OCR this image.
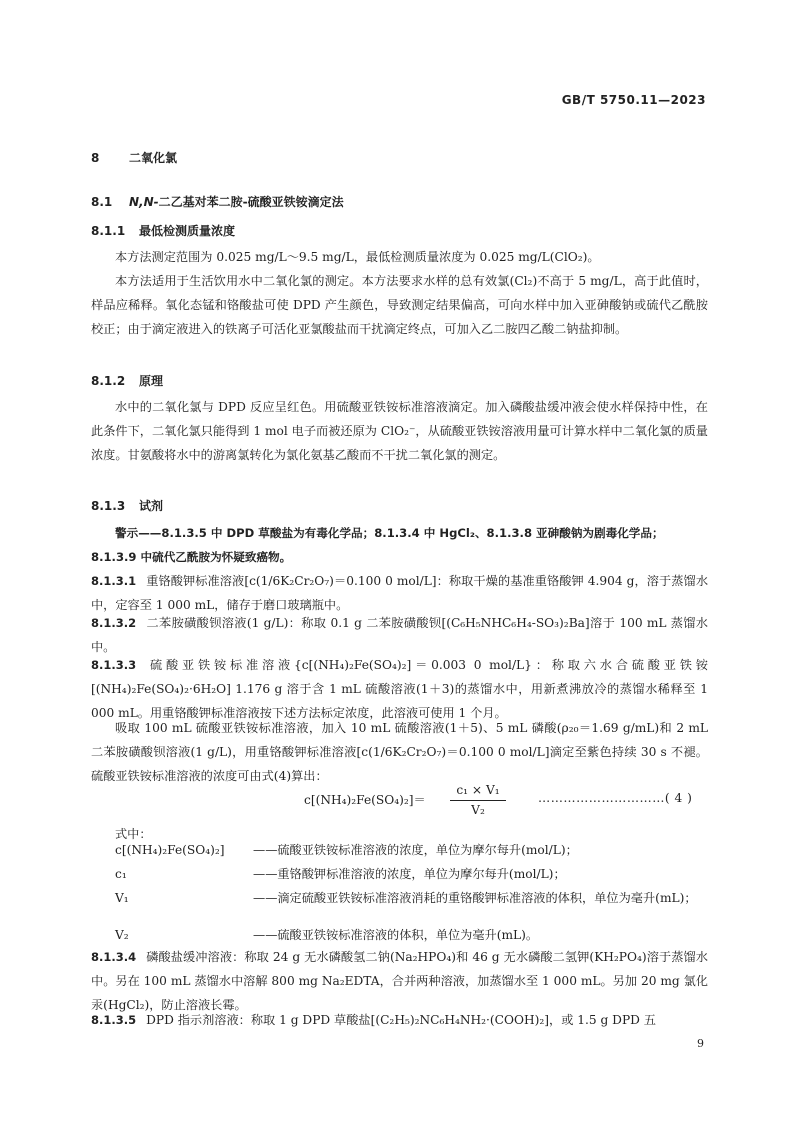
GB/T 5750.11—2023
8 二氧化氯
8.1 N,N-二乙基对苯二胺-硫酸亚铁铵滴定法
8.1.1 最低检测质量浓度
本方法测定范围为 0.025 mg/L～9.5 mg/L，最低检测质量浓度为 0.025 mg/L(ClO₂)。
本方法适用于生活饮用水中二氧化氯的测定。本方法要求水样的总有效氯(Cl₂)不高于 5 mg/L，高于此值时，样品应稀释。氧化态锰和铬酸盐可使 DPD 产生颜色，导致测定结果偏高，可向水样中加入亚砷酸钠或硫代乙酰胺校正；由于滴定液进入的铁离子可活化亚氯酸盐而干扰滴定终点，可加入乙二胺四乙酸二钠盐抑制。
8.1.2 原理
水中的二氧化氯与 DPD 反应呈红色。用硫酸亚铁铵标准溶液滴定。加入磷酸盐缓冲液会使水样保持中性，在此条件下，二氧化氯只能得到 1 mol 电子而被还原为 ClO₂⁻，从硫酸亚铁铵溶液用量可计算水样中二氧化氯的质量浓度。甘氨酸将水中的游离氯转化为氯化氨基乙酸而不干扰二氧化氯的测定。
8.1.3 试剂
警示——8.1.3.5 中 DPD 草酸盐为有毒化学品；8.1.3.4 中 HgCl₂、8.1.3.8 亚砷酸钠为剧毒化学品；8.1.3.9 中硫代乙酰胺为怀疑致癌物。
8.1.3.1 重铬酸钾标准溶液[c(1/6K₂Cr₂O₇)＝0.100 0 mol/L]：称取干燥的基准重铬酸钾 4.904 g，溶于蒸馏水中，定容至 1 000 mL，储存于磨口玻璃瓶中。
8.1.3.2 二苯胺磺酸钡溶液(1 g/L)：称取 0.1 g 二苯胺磺酸钡[(C₆H₅NHC₆H₄-SO₃)₂Ba]溶于 100 mL 蒸馏水中。
8.1.3.3 硫酸亚铁铵标准溶液{c[(NH₄)₂Fe(SO₄)₂]＝0.003 0 mol/L}：称取六水合硫酸亚铁铵[(NH₄)₂Fe(SO₄)₂·6H₂O] 1.176 g 溶于含 1 mL 硫酸溶液(1＋3)的蒸馏水中，用新煮沸放冷的蒸馏水稀释至 1 000 mL。用重铬酸钾标准溶液按下述方法标定浓度，此溶液可使用 1 个月。
吸取 100 mL 硫酸亚铁铵标准溶液，加入 10 mL 硫酸溶液(1＋5)、5 mL 磷酸(ρ₂₀＝1.69 g/mL)和 2 mL 二苯胺磺酸钡溶液(1 g/L)，用重铬酸钾标准溶液[c(1/6K₂Cr₂O₇)＝0.100 0 mol/L]滴定至紫色持续 30 s 不褪。硫酸亚铁铵标准溶液的浓度可由式(4)算出：
$c[(NH_4)_2Fe(SO_4)_2]= \frac{\text{c₁ × V₁}}{\text{V₂}}$	…………………………( 4 )
式中：
c[(NH₄)₂Fe(SO₄)₂] ——硫酸亚铁铵标准溶液的浓度，单位为摩尔每升(mol/L)；
c₁	——重铬酸钾标准溶液的浓度，单位为摩尔每升(mol/L)；
V₁	——滴定硫酸亚铁铵标准溶液消耗的重铬酸钾标准溶液的体积，单位为毫升(mL)；
V₂	——硫酸亚铁铵标准溶液的体积，单位为毫升(mL)。
8.1.3.4 磷酸盐缓冲溶液：称取 24 g 无水磷酸氢二钠(Na₂HPO₄)和 46 g 无水磷酸二氢钾(KH₂PO₄)溶于蒸馏水中。另在 100 mL 蒸馏水中溶解 800 mg Na₂EDTA，合并两种溶液，加蒸馏水至 1 000 mL。另加 20 mg 氯化汞(HgCl₂)，防止溶液长霉。
8.1.3.5 DPD 指示剂溶液：称取 1 g DPD 草酸盐[(C₂H₅)₂NC₆H₄NH₂·(COOH)₂]，或 1.5 g DPD 五
9
